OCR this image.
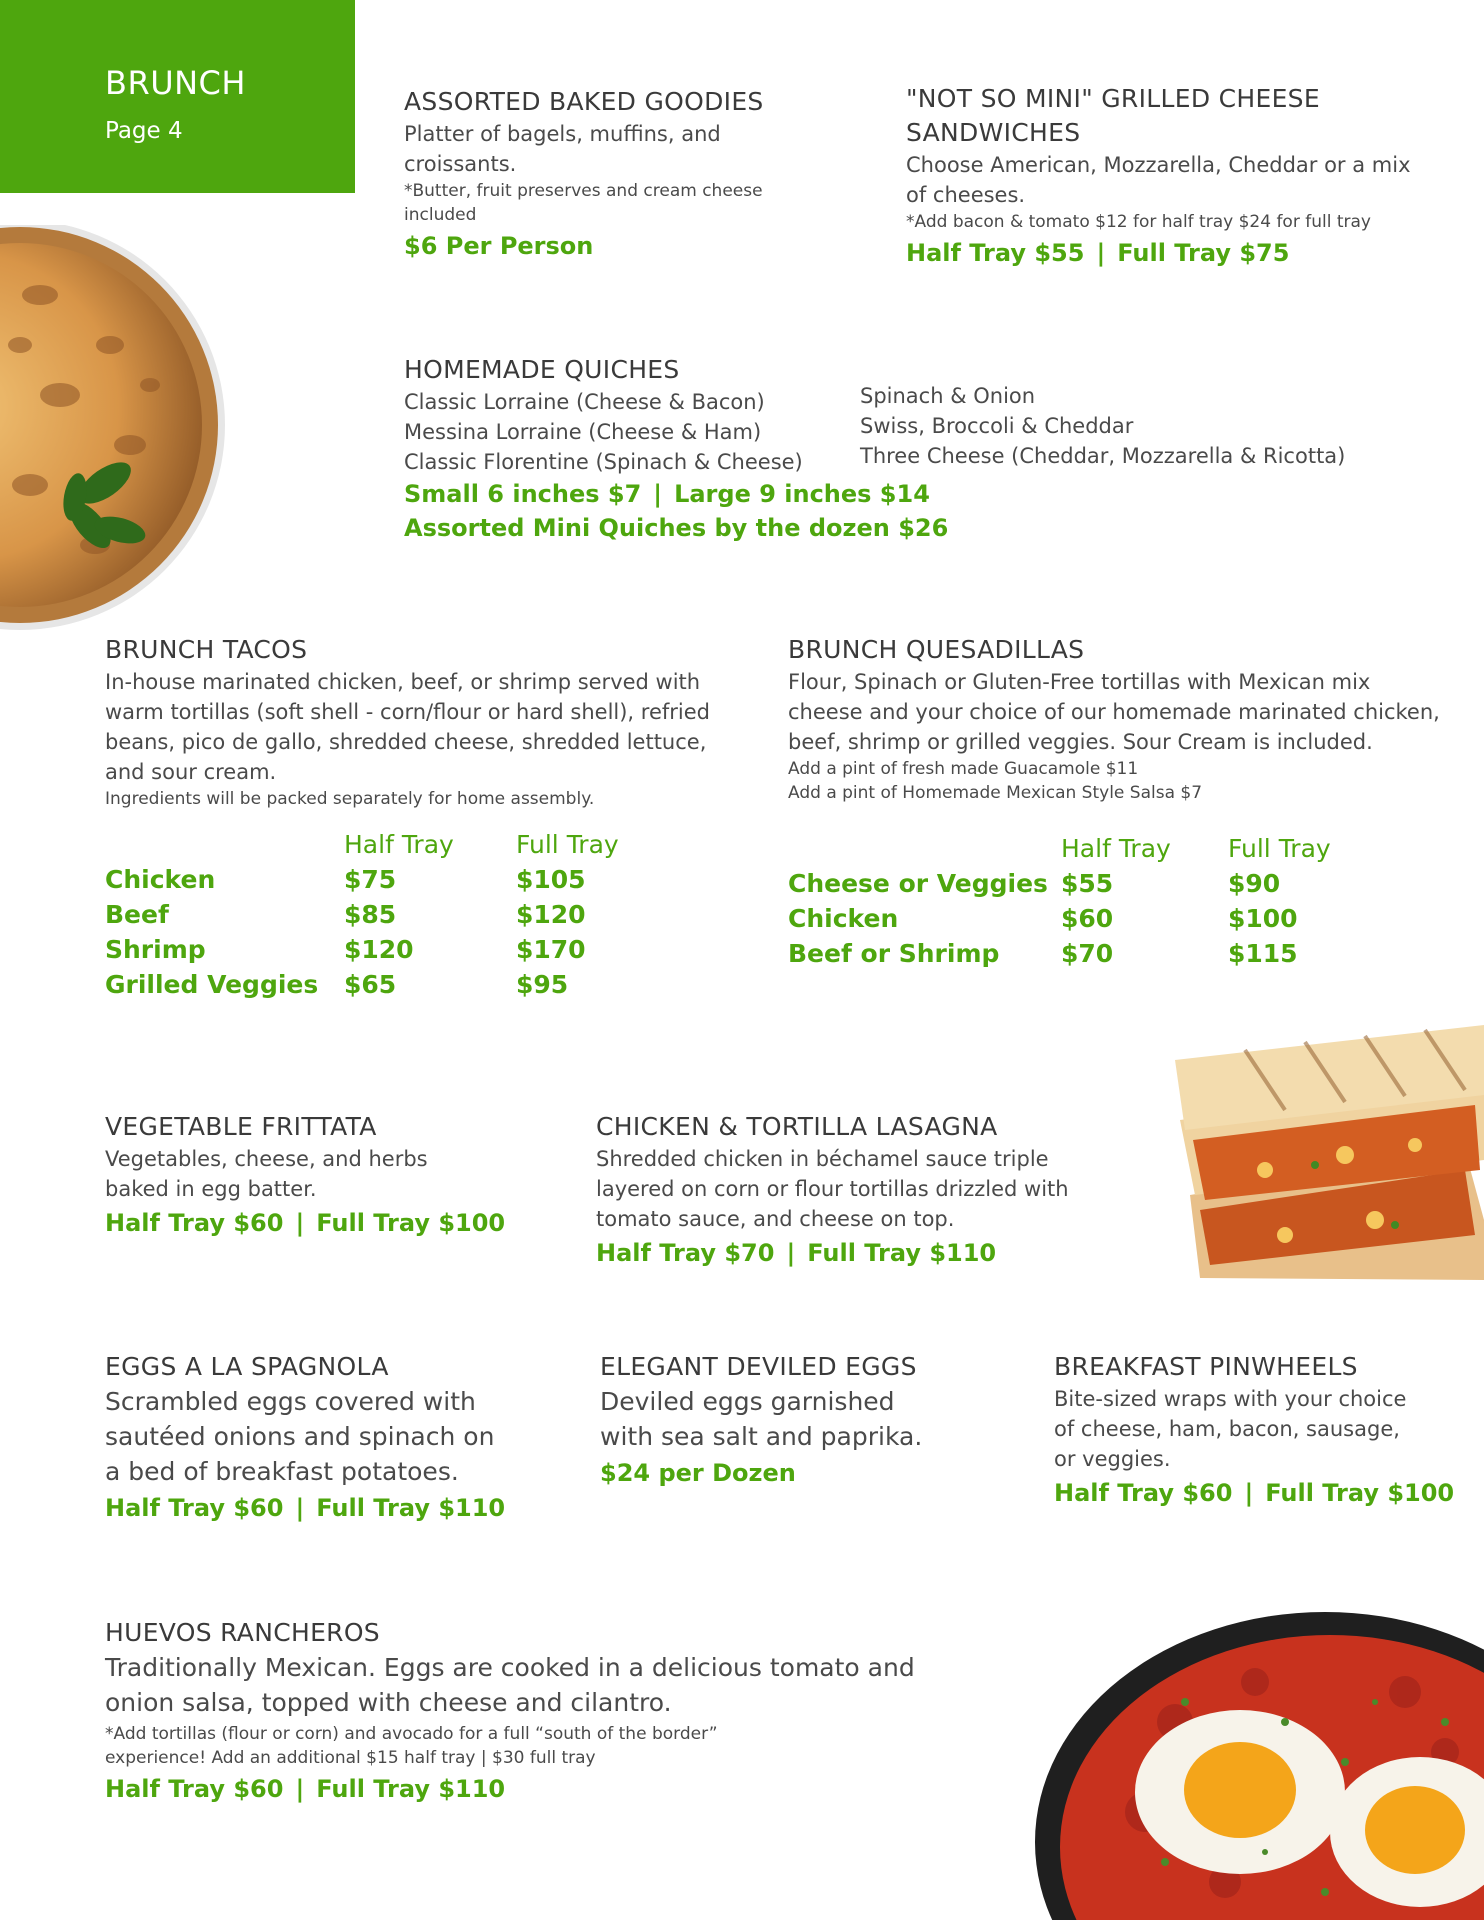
BRUNCH
Page 4
ASSORTED BAKED GOODIES
Platter of bagels, muffins, and
croissants.
*Butter, fruit preserves and cream cheese
included
$6 Per Person
"NOT SO MINI" GRILLED CHEESE
SANDWICHES
Choose American, Mozzarella, Cheddar or a mix
of cheeses.
*Add bacon & tomato $12 for half tray $24 for full tray
Half Tray $55 | Full Tray $75
HOMEMADE QUICHES
Classic Lorraine (Cheese & Bacon)
Messina Lorraine (Cheese & Ham)
Classic Florentine (Spinach & Cheese)
Spinach & Onion
Swiss, Broccoli & Cheddar
Three Cheese (Cheddar, Mozzarella & Ricotta)
Small 6 inches $7 | Large 9 inches $14
Assorted Mini Quiches by the dozen $26
BRUNCH TACOS
In-house marinated chicken, beef, or shrimp served with
warm tortillas (soft shell - corn/flour or hard shell), refried
beans, pico de gallo, shredded cheese, shredded lettuce,
and sour cream.
Ingredients will be packed separately for home assembly.
	Half Tray	Full Tray
Chicken	$75	$105
Beef	$85	$120
Shrimp	$120	$170
Grilled Veggies	$65	$95
BRUNCH QUESADILLAS
Flour, Spinach or Gluten-Free tortillas with Mexican mix
cheese and your choice of our homemade marinated chicken,
beef, shrimp or grilled veggies. Sour Cream is included.
Add a pint of fresh made Guacamole $11
Add a pint of Homemade Mexican Style Salsa $7
	Half Tray	Full Tray
Cheese or Veggies	$55	$90
Chicken	$60	$100
Beef or Shrimp	$70	$115
VEGETABLE FRITTATA
Vegetables, cheese, and herbs
baked in egg batter.
Half Tray $60 | Full Tray $100
CHICKEN & TORTILLA LASAGNA
Shredded chicken in béchamel sauce triple
layered on corn or flour tortillas drizzled with
tomato sauce, and cheese on top.
Half Tray $70 | Full Tray $110
EGGS A LA SPAGNOLA
Scrambled eggs covered with
sautéed onions and spinach on
a bed of breakfast potatoes.
Half Tray $60 | Full Tray $110
ELEGANT DEVILED EGGS
Deviled eggs garnished
with sea salt and paprika.
$24 per Dozen
BREAKFAST PINWHEELS
Bite-sized wraps with your choice
of cheese, ham, bacon, sausage,
or veggies.
Half Tray $60 | Full Tray $100
HUEVOS RANCHEROS
Traditionally Mexican. Eggs are cooked in a delicious tomato and
onion salsa, topped with cheese and cilantro.
*Add tortillas (flour or corn) and avocado for a full “south of the border”
experience! Add an additional $15 half tray | $30 full tray
Half Tray $60 | Full Tray $110
